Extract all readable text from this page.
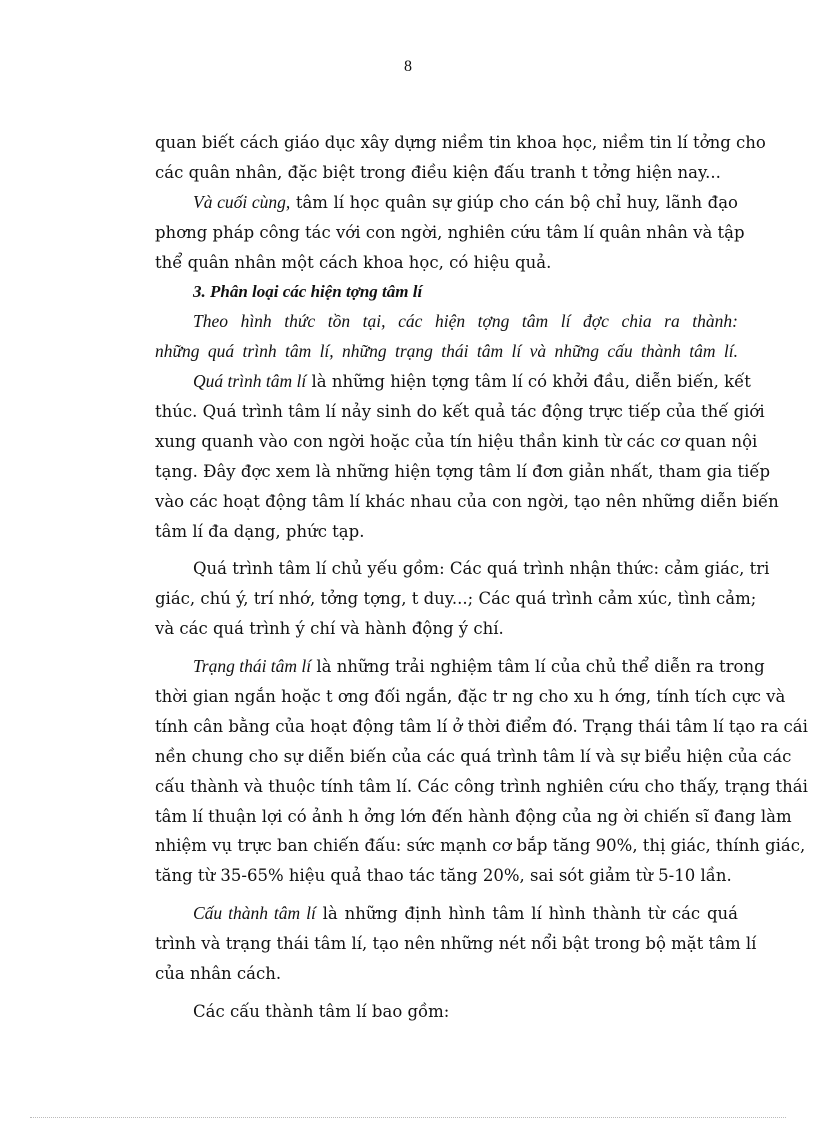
8
quan biết cách giáo dục xây dựng niềm tin khoa học, niềm tin lí tởng cho
các quân nhân, đặc biệt trong điều kiện đấu tranh t tởng hiện nay...
Và cuối cùng, tâm lí học quân sự giúp cho cán bộ chỉ huy, lãnh đạo
phơng pháp công tác với con ngời, nghiên cứu tâm lí quân nhân và tập
thể quân nhân một cách khoa học, có hiệu quả.
3. Phân loại các hiện tợng tâm lí
Theo hình thức tồn tại, các hiện tợng tâm lí đợc chia ra thành:
những quá trình tâm lí, những trạng thái tâm lí và những cấu thành tâm lí.
Quá trình tâm lí là những hiện tợng tâm lí có khởi đầu, diễn biến, kết
thúc. Quá trình tâm lí nảy sinh do kết quả tác động trực tiếp của thế giới
xung quanh vào con ngời hoặc của tín hiệu thần kinh từ các cơ quan nội
tạng. Đây đợc xem là những hiện tợng tâm lí đơn giản nhất, tham gia tiếp
vào các hoạt động tâm lí khác nhau của con ngời, tạo nên những diễn biến
tâm lí đa dạng, phức tạp.
Quá trình tâm lí chủ yếu gồm: Các quá trình nhận thức: cảm giác, tri
giác, chú ý, trí nhớ, tởng tợng, t duy...; Các quá trình cảm xúc, tình cảm;
và các quá trình ý chí và hành động ý chí.
Trạng thái tâm lí là những trải nghiệm tâm lí của chủ thể diễn ra trong
thời gian ngắn hoặc t ơng đối ngắn, đặc tr ng cho xu h ớng, tính tích cực và
tính cân bằng của hoạt động tâm lí ở thời điểm đó. Trạng thái tâm lí tạo ra cái
nền chung cho sự diễn biến của các quá trình tâm lí và sự biểu hiện của các
cấu thành và thuộc tính tâm lí. Các công trình nghiên cứu cho thấy, trạng thái
tâm lí thuận lợi có ảnh h ởng lớn đến hành động của ng ời chiến sĩ đang làm
nhiệm vụ trực ban chiến đấu: sức mạnh cơ bắp tăng 90%, thị giác, thính giác,
tăng từ 35-65% hiệu quả thao tác tăng 20%, sai sót giảm từ 5-10 lần.
Cấu thành tâm lí là những định hình tâm lí hình thành từ các quá
trình và trạng thái tâm lí, tạo nên những nét nổi bật trong bộ mặt tâm lí
của nhân cách.
Các cấu thành tâm lí bao gồm:
